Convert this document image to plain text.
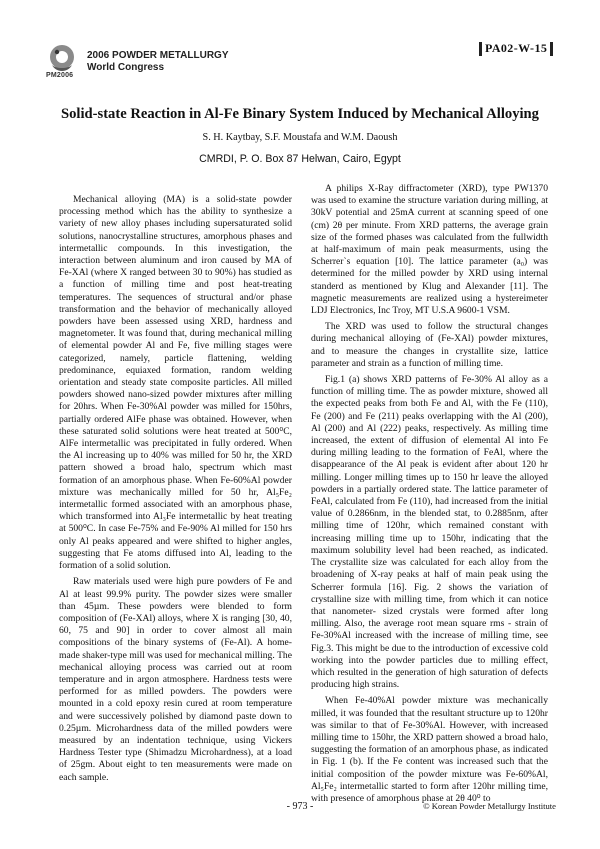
PM2006
2006 POWDER METALLURGY
World Congress
PA02-W-15
Solid-state Reaction in Al-Fe Binary System Induced by Mechanical Alloying
S. H. Kaytbay, S.F. Moustafa and W.M. Daoush
CMRDI, P. O. Box 87 Helwan, Cairo, Egypt

Mechanical alloying (MA) is a solid-state powder processing method which has the ability to synthesize a variety of new alloy phases including supersaturated solid solutions, nanocrystalline structures, amorphous phases and intermetallic compounds. In this investigation, the interaction between aluminum and iron caused by MA of Fe-XAl (where X ranged between 30 to 90%) has studied as a function of milling time and post heat-treating temperatures. The sequences of structural and/or phase transformation and the behavior of mechanically alloyed powders have been assessed using XRD, hardness and magnetometer. It was found that, during mechanical milling of elemental powder Al and Fe, five milling stages were categorized, namely, particle flattening, welding predominance, equiaxed formation, random welding orientation and steady state composite particles. All milled powders showed nano-sized powder mixtures after milling for 20hrs. When Fe-30%Al powder was milled for 150hrs, partially ordered AlFe phase was obtained. However, when these saturated solid solutions were heat treated at 500⁰C, AlFe intermetallic was precipitated in fully ordered. When the Al increasing up to 40% was milled for 50 hr, the XRD pattern showed a broad halo, spectrum which mast formation of an amorphous phase. When Fe-60%Al powder mixture was mechanically milled for 50 hr, Al₅Fe₂ intermetallic formed associated with an amorphous phase, which transformed into Al₃Fe intermetallic by heat treating at 500⁰C. In case Fe-75% and Fe-90% Al milled for 150 hrs only Al peaks appeared and were shifted to higher angles, suggesting that Fe atoms diffused into Al, leading to the formation of a solid solution.

Raw materials used were high pure powders of Fe and Al at least 99.9% purity. The powder sizes were smaller than 45µm. These powders were blended to form composition of (Fe-XAl) alloys, where X is ranging [30, 40, 60, 75 and 90] in order to cover almost all main compositions of the binary systems of (Fe-Al). A home-made shaker-type mill was used for mechanical milling. The mechanical alloying process was carried out at room temperature and in argon atmosphere. Hardness tests were performed for as milled powders. The powders were mounted in a cold epoxy resin cured at room temperature and were successively polished by diamond paste down to 0.25µm. Microhardness data of the milled powders were measured by an indentation technique, using Vickers Hardness Tester type (Shimadzu Microhardness), at a load of 25gm. About eight to ten measurements were made on each sample.

A philips X-Ray diffractometer (XRD), type PW1370 was used to examine the structure variation during milling, at 30kV potential and 25mA current at scanning speed of one (cm) 2θ per minute. From XRD patterns, the average grain size of the formed phases was calculated from the fullwidth at half-maximum of main peak measurments, using the Scherrer`s equation [10]. The lattice parameter (a₀) was determined for the milled powder by XRD using internal standerd as mentioned by Klug and Alexander [11]. The magnetic measurements are realized using a hystereimeter LDJ Electronics, Inc Troy, MT U.S.A 9600-1 VSM.

The XRD was used to follow the structural changes during mechanical alloying of (Fe-XAl) powder mixtures, and to measure the changes in crystallite size, lattice parameter and strain as a function of milling time.

Fig.1 (a) shows XRD patterns of Fe-30% Al alloy as a function of milling time. The as powder mixture, showed all the expected peaks from both Fe and Al, with the Fe (110), Fe (200) and Fe (211) peaks overlapping with the Al (200), Al (200) and Al (222) peaks, respectively. As milling time increased, the extent of diffusion of elemental Al into Fe during milling leading to the formation of FeAl, where the disappearance of the Al peak is evident after about 120 hr milling. Longer milling times up to 150 hr leave the alloyed powders in a partially ordered state. The lattice parameter of FeAl, calculated from Fe (110), had increased from the initial value of 0.2866nm, in the blended stat, to 0.2885nm, after milling time of 120hr, which remained constant with increasing milling time up to 150hr, indicating that the maximum solubility level had been reached, as indicated. The crystallite size was calculated for each alloy from the broadening of X-ray peaks at half of main peak using the Scherrer formula [16]. Fig. 2 shows the variation of crystalline size with milling time, from which it can notice that nanometer- sized crystals were formed after long milling. Also, the average root mean square rms - strain of Fe-30%Al increased with the increase of milling time, see Fig.3. This might be due to the introduction of excessive cold working into the powder particles due to milling effect, which resulted in the generation of high saturation of defects producing high strains.

When Fe-40%Al powder mixture was mechanically milled, it was founded that the resultant structure up to 120hr was similar to that of Fe-30%Al. However, with increased milling time to 150hr, the XRD pattern showed a broad halo, suggesting the formation of an amorphous phase, as indicated in Fig. 1 (b). If the Fe content was increased such that the initial composition of the powder mixture was Fe-60%Al, Al₅Fe₂ intermetallic started to form after 120hr milling time, with presence of amorphous phase at 2θ 40⁰ to

- 973 -	© Korean Powder Metallurgy Institute
